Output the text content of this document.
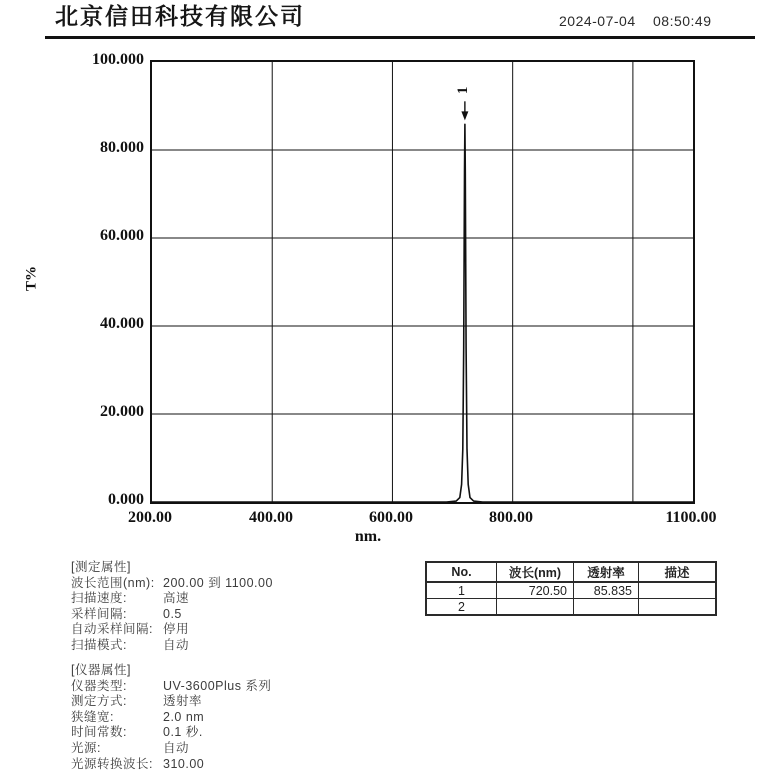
北京信田科技有限公司	2024-07-04 08:50:49
100.000
80.000
60.000
40.000
20.000
0.000
200.00	400.00	600.00	800.00	1100.00
T%
nm.
1
[测定属性]
波长范围(nm): 200.00 到 1100.00
扫描速度:	高速
采样间隔:	0.5
自动采样间隔: 停用
扫描模式:	自动
[仪器属性]
仪器类型:	UV-3600Plus 系列
测定方式:	透射率
狭缝宽:	2.0 nm
时间常数:	0.1 秒.
光源:	自动
光源转换波长: 310.00
No.	波长(nm)	透射率	描述
1	720.50	85.835	
2			
